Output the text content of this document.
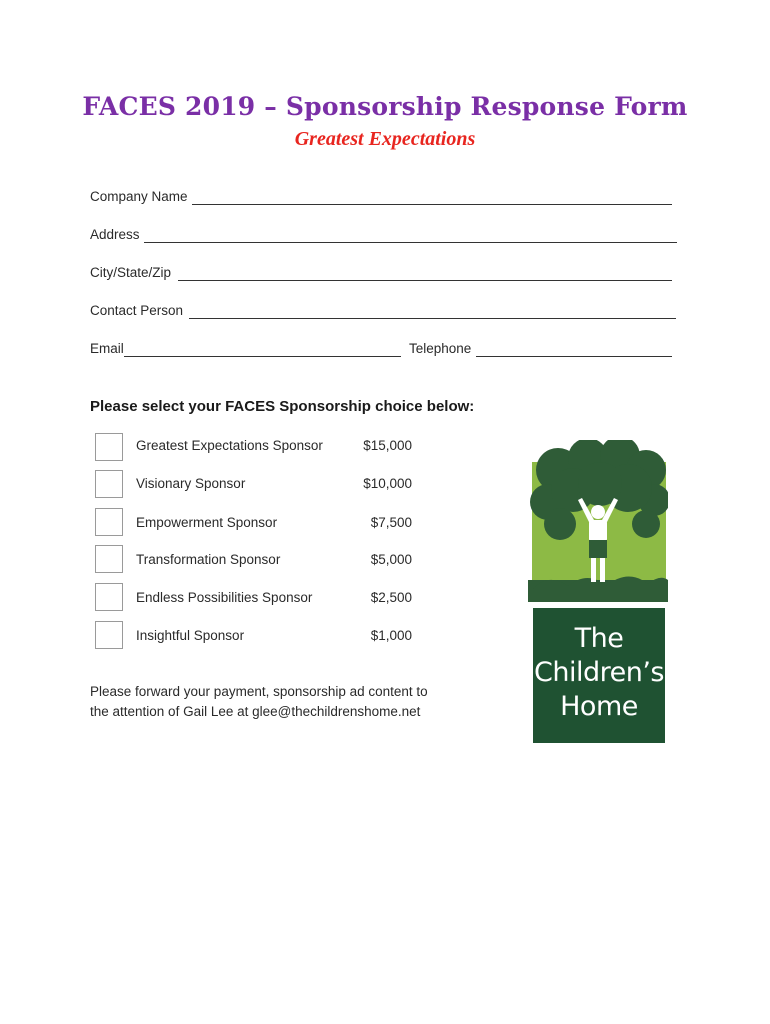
FACES 2019 – Sponsorship Response Form
Greatest Expectations
Company Name
Address
City/State/Zip
Contact Person
Email	Telephone
Please select your FACES Sponsorship choice below:
Greatest Expectations Sponsor	$15,000
Visionary Sponsor	$10,000
Empowerment Sponsor	$7,500
Transformation Sponsor	$5,000
Endless Possibilities Sponsor	$2,500
Insightful Sponsor	$1,000
Please forward your payment, sponsorship ad content to
the attention of Gail Lee at glee@thechildrenshome.net
The
Children’s
Home
